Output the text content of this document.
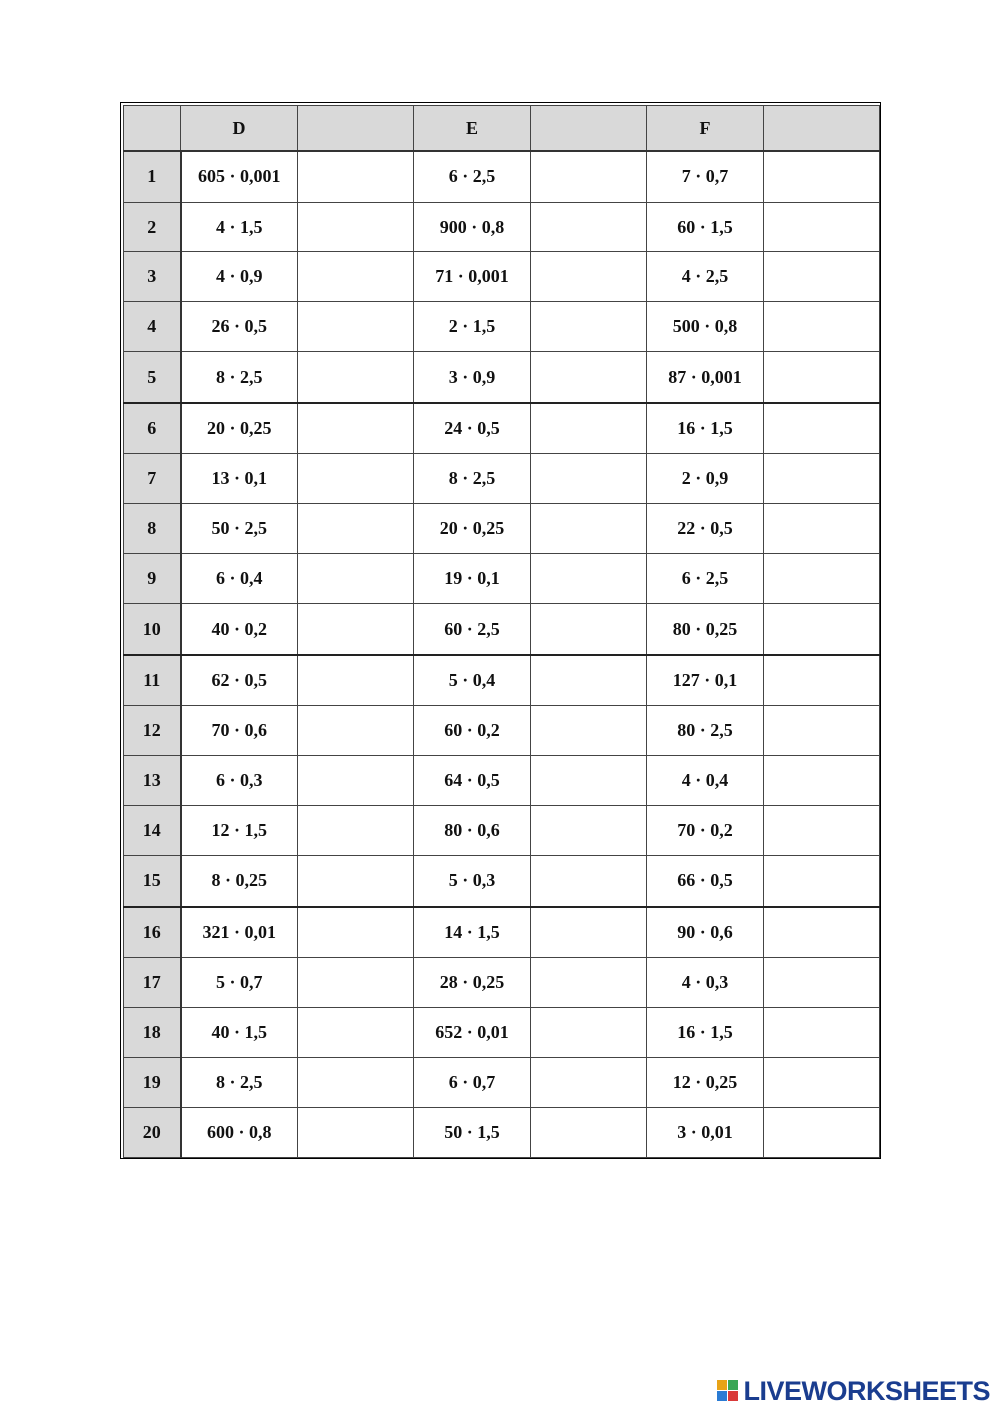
	D		E		F	
1	605 · 0,001		6 · 2,5		7 · 0,7	
2	4 · 1,5		900 · 0,8		60 · 1,5	
3	4 · 0,9		71 · 0,001		4 · 2,5	
4	26 · 0,5		2 · 1,5		500 · 0,8	
5	8 · 2,5		3 · 0,9		87 · 0,001	
6	20 · 0,25		24 · 0,5		16 · 1,5	
7	13 · 0,1		8 · 2,5		2 · 0,9	
8	50 · 2,5		20 · 0,25		22 · 0,5	
9	6 · 0,4		19 · 0,1		6 · 2,5	
10	40 · 0,2		60 · 2,5		80 · 0,25	
11	62 · 0,5		5 · 0,4		127 · 0,1	
12	70 · 0,6		60 · 0,2		80 · 2,5	
13	6 · 0,3		64 · 0,5		4 · 0,4	
14	12 · 1,5		80 · 0,6		70 · 0,2	
15	8 · 0,25		5 · 0,3		66 · 0,5	
16	321 · 0,01		14 · 1,5		90 · 0,6	
17	5 · 0,7		28 · 0,25		4 · 0,3	
18	40 · 1,5		652 · 0,01		16 · 1,5	
19	8 · 2,5		6 · 0,7		12 · 0,25	
20	600 · 0,8		50 · 1,5		3 · 0,01	
LIVEWORKSHEETS
